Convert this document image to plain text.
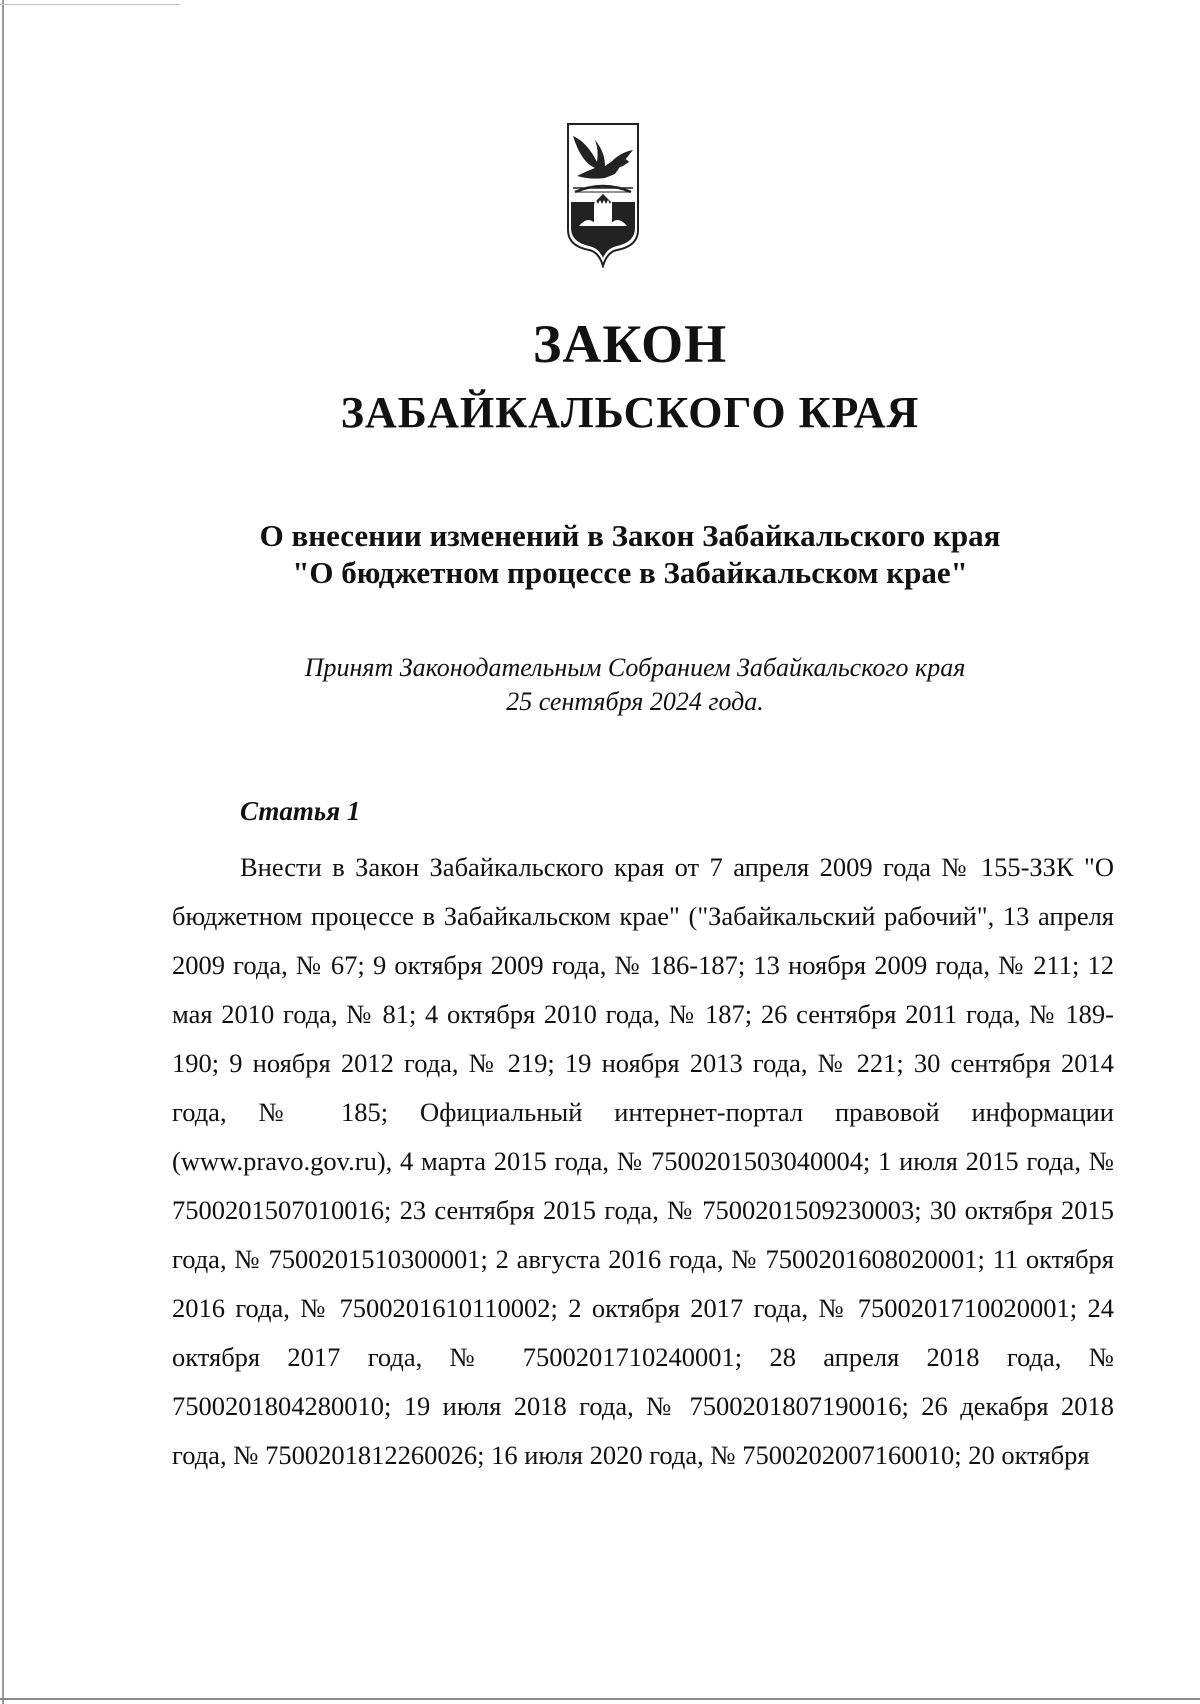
ЗАКОН
ЗАБАЙКАЛЬСКОГО КРАЯ

О внесении изменений в Закон Забайкальского края

"О бюджетном процессе в Забайкальском крае"

Принят Законодательным Собранием Забайкальского края

25 сентября 2024 года.

Статья 1

Внести в Закон Забайкальского края от 7 апреля 2009 года № 155-ЗЗК "О бюджетном процессе в Забайкальском крае" ("Забайкальский рабочий", 13 апреля 2009 года, № 67; 9 октября 2009 года, № 186-187; 13 ноября 2009 года, № 211; 12 мая 2010 года, № 81; 4 октября 2010 года, № 187; 26 сентября 2011 года, № 189-190; 9 ноября 2012 года, № 219; 19 ноября 2013 года, № 221; 30 сентября 2014 года, № 185; Официальный интернет-портал правовой информации (www.pravo.gov.ru), 4 марта 2015 года, № 7500201503040004; 1 июля 2015 года, № 7500201507010016; 23 сентября 2015 года, № 7500201509230003; 30 октября 2015 года, № 7500201510300001; 2 августа 2016 года, № 7500201608020001; 11 октября 2016 года, № 7500201610110002; 2 октября 2017 года, № 7500201710020001; 24 октября 2017 года, № 7500201710240001; 28 апреля 2018 года, № 7500201804280010; 19 июля 2018 года, № 7500201807190016; 26 декабря 2018 года, № 7500201812260026; 16 июля 2020 года, № 7500202007160010; 20 октября
